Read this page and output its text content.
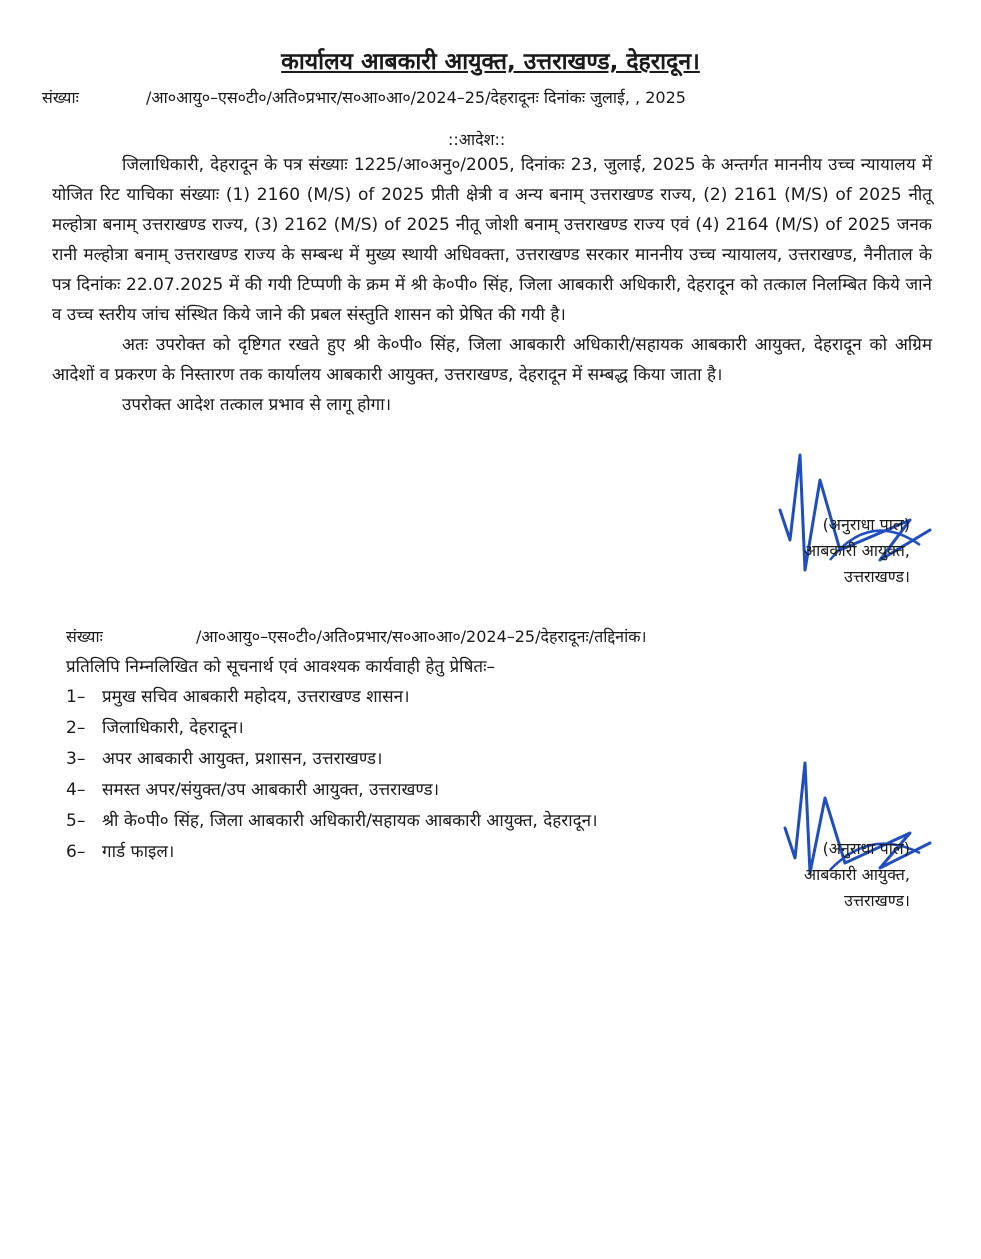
कार्यालय आबकारी आयुक्त, उत्तराखण्ड, देहरादून।
संख्याः	/आ०आयु०–एस०टी०/अति०प्रभार/स०आ०आ०/2024–25/देहरादूनः दिनांकः जुलाई, , 2025
::आदेश::

जिलाधिकारी, देहरादून के पत्र संख्याः 1225/आ०अनु०/2005, दिनांकः 23, जुलाई, 2025 के अन्तर्गत माननीय उच्च न्यायालय में योजित रिट याचिका संख्याः (1) 2160 (M/S) of 2025 प्रीती क्षेत्री व अन्य बनाम् उत्तराखण्ड राज्य, (2) 2161 (M/S) of 2025 नीतू मल्होत्रा बनाम् उत्तराखण्ड राज्य, (3) 2162 (M/S) of 2025 नीतू जोशी बनाम् उत्तराखण्ड राज्य एवं (4) 2164 (M/S) of 2025 जनक रानी मल्होत्रा बनाम् उत्तराखण्ड राज्य के सम्बन्ध में मुख्य स्थायी अधिवक्ता, उत्तराखण्ड सरकार माननीय उच्च न्यायालय, उत्तराखण्ड, नैनीताल के पत्र दिनांकः 22.07.2025 में की गयी टिप्पणी के क्रम में श्री के०पी० सिंह, जिला आबकारी अधिकारी, देहरादून को तत्काल निलम्बित किये जाने व उच्च स्तरीय जांच संस्थित किये जाने की प्रबल संस्तुति शासन को प्रेषित की गयी है।

अतः उपरोक्त को दृष्टिगत रखते हुए श्री के०पी० सिंह, जिला आबकारी अधिकारी/सहायक आबकारी आयुक्त, देहरादून को अग्रिम आदेशों व प्रकरण के निस्तारण तक कार्यालय आबकारी आयुक्त, उत्तराखण्ड, देहरादून में सम्बद्ध किया जाता है।

उपरोक्त आदेश तत्काल प्रभाव से लागू होगा।

(अनुराधा पाल)
आबकारी आयुक्त,
उत्तराखण्ड।
संख्याः	/आ०आयु०–एस०टी०/अति०प्रभार/स०आ०आ०/2024–25/देहरादूनः/तद्दिनांक।
प्रतिलिपि निम्नलिखित को सूचनार्थ एवं आवश्यक कार्यवाही हेतु प्रेषितः–
1– प्रमुख सचिव आबकारी महोदय, उत्तराखण्ड शासन।
2– जिलाधिकारी, देहरादून।
3– अपर आबकारी आयुक्त, प्रशासन, उत्तराखण्ड।
4– समस्त अपर/संयुक्त/उप आबकारी आयुक्त, उत्तराखण्ड।
5– श्री के०पी० सिंह, जिला आबकारी अधिकारी/सहायक आबकारी आयुक्त, देहरादून।
6– गार्ड फाइल।	(अनुराधा पाल)
आबकारी आयुक्त,
उत्तराखण्ड।
